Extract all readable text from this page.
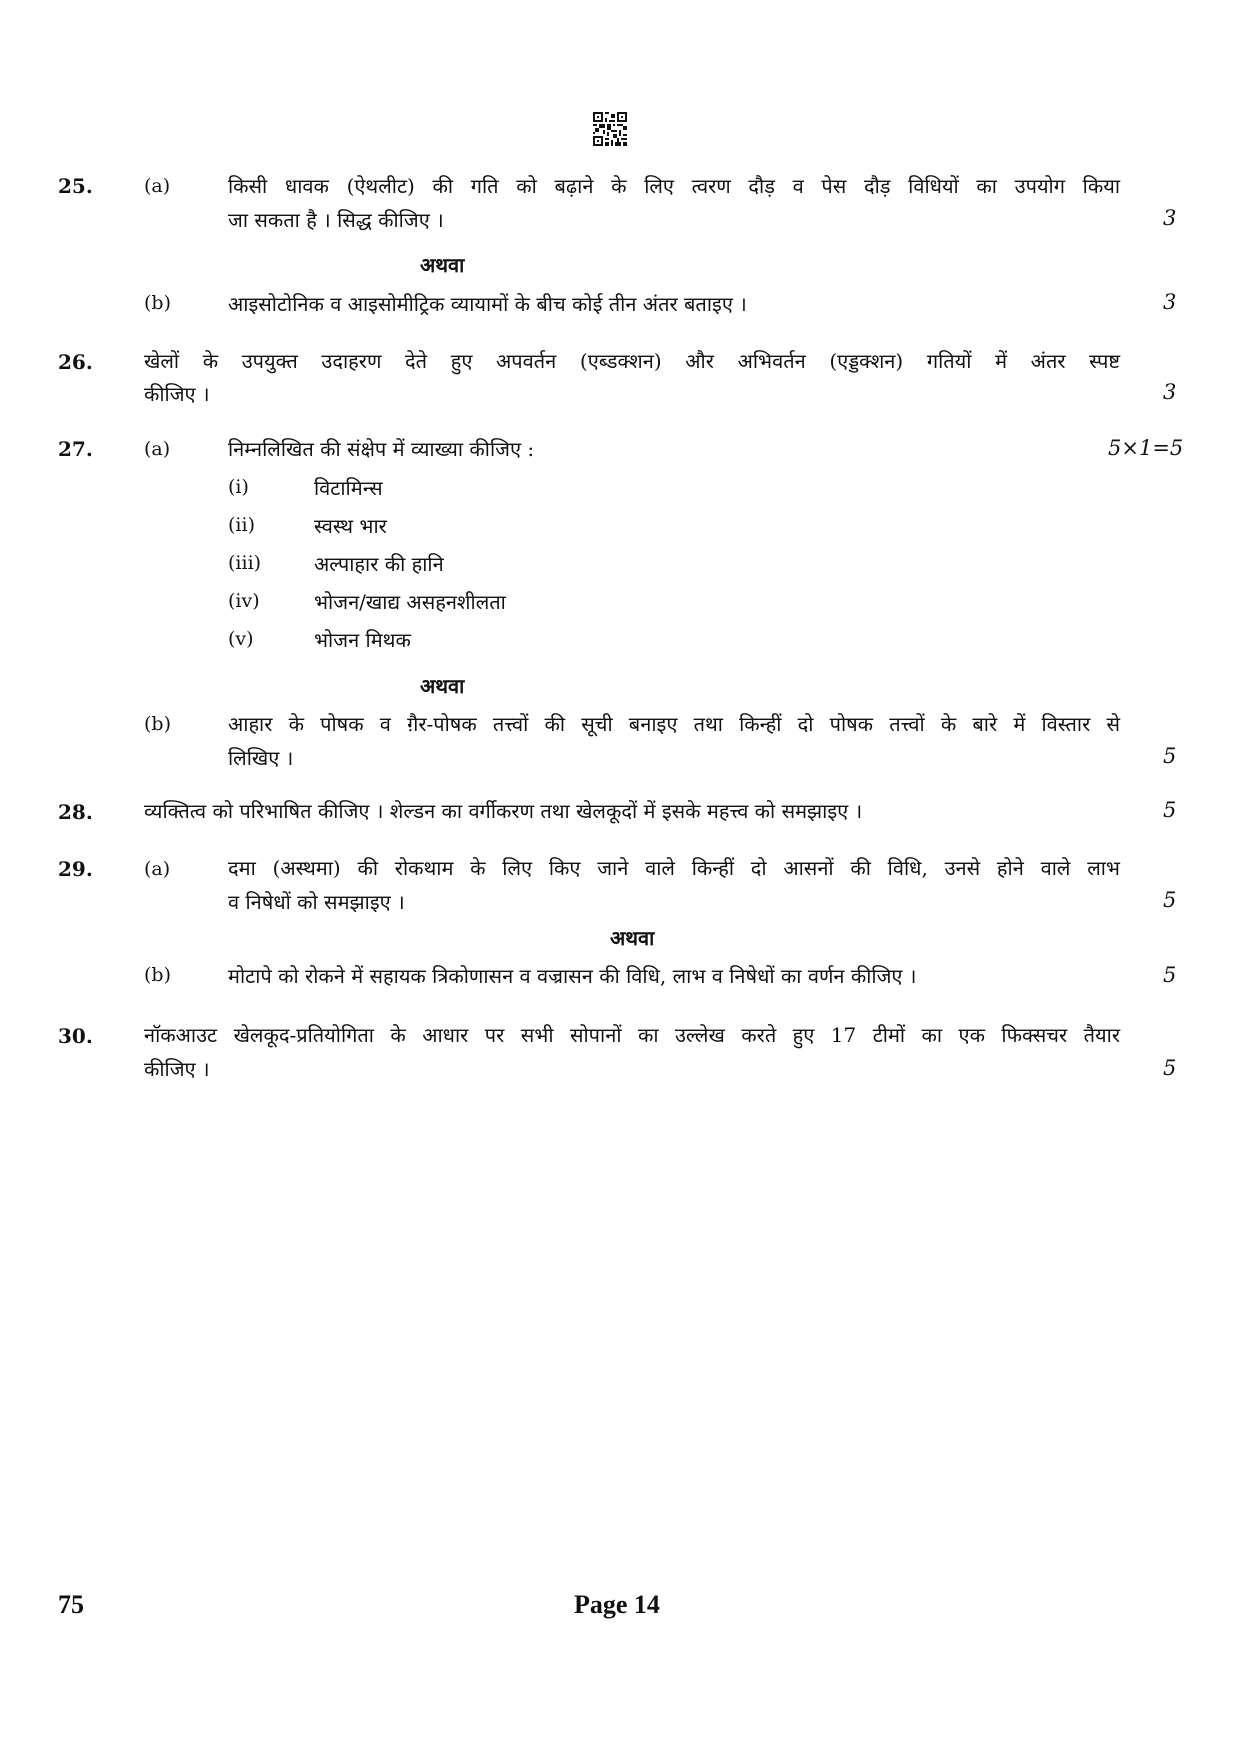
25.	(a)	किसी धावक (ऐथलीट) की गति को बढ़ाने के लिए त्वरण दौड़ व पेस दौड़ विधियों का उपयोग किया
जा सकता है । सिद्ध कीजिए ।	3
अथवा
(b)	आइसोटोनिक व आइसोमीट्रिक व्यायामों के बीच कोई तीन अंतर बताइए ।	3
26.	खेलों के उपयुक्त उदाहरण देते हुए अपवर्तन (एब्डक्शन) और अभिवर्तन (एड्डक्शन) गतियों में अंतर स्पष्ट
कीजिए ।	3
27.	(a)	निम्नलिखित की संक्षेप में व्याख्या कीजिए :	5×1=5
(i)	विटामिन्स
(ii)	स्वस्थ भार
(iii)	अल्पाहार की हानि
(iv)	भोजन/खाद्य असहनशीलता
(v)	भोजन मिथक
अथवा
(b)	आहार के पोषक व ग़ैर-पोषक तत्त्वों की सूची बनाइए तथा किन्हीं दो पोषक तत्त्वों के बारे में विस्तार से
लिखिए ।	5
28.	व्यक्तित्व को परिभाषित कीजिए । शेल्डन का वर्गीकरण तथा खेलकूदों में इसके महत्त्व को समझाइए ।	5
29.	(a)	दमा (अस्थमा) की रोकथाम के लिए किए जाने वाले किन्हीं दो आसनों की विधि, उनसे होने वाले लाभ
व निषेधों को समझाइए ।	5
अथवा
(b)	मोटापे को रोकने में सहायक त्रिकोणासन व वज्रासन की विधि, लाभ व निषेधों का वर्णन कीजिए ।	5
30.	नॉकआउट खेलकूद-प्रतियोगिता के आधार पर सभी सोपानों का उल्लेख करते हुए 17 टीमों का एक फिक्सचर तैयार
कीजिए ।	5
75	Page 14
